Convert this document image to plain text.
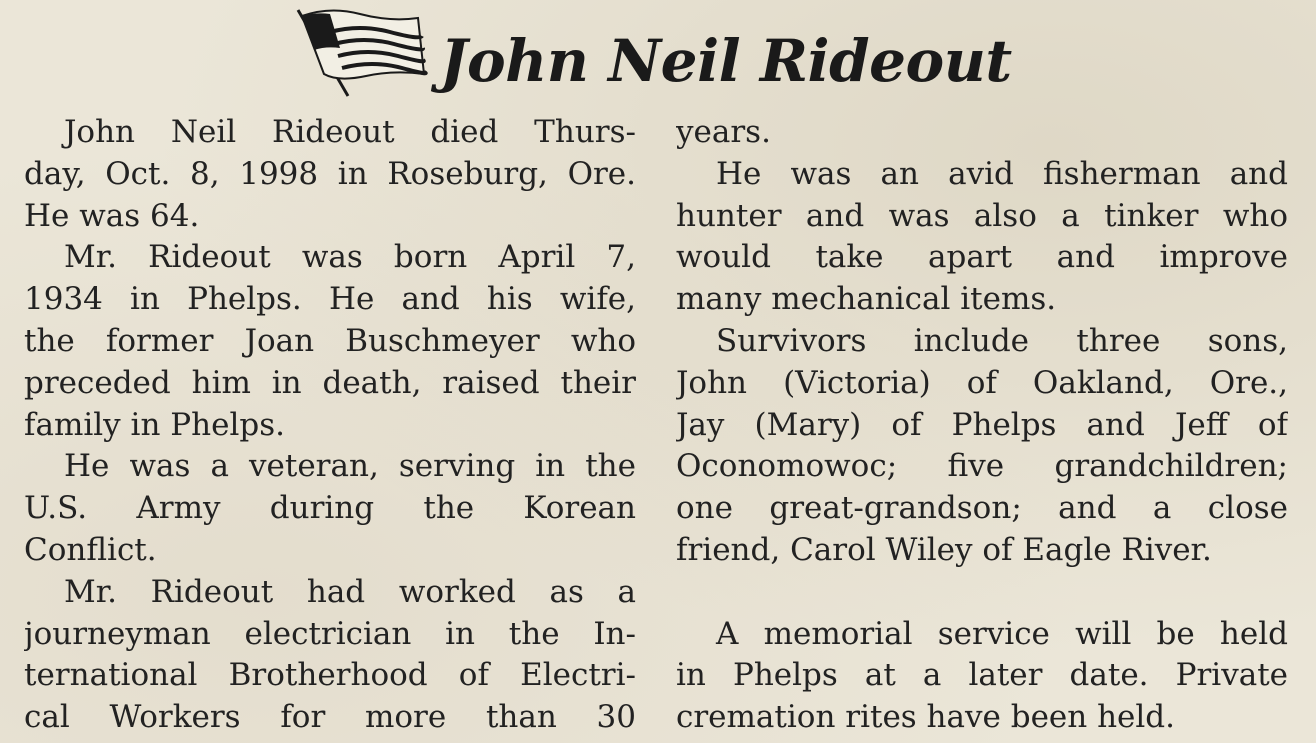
John Neil Rideout
John Neil Rideout died Thurs-
day, Oct. 8, 1998 in Roseburg, Ore.
He was 64.
Mr. Rideout was born April 7,
1934 in Phelps. He and his wife,
the former Joan Buschmeyer who
preceded him in death, raised their
family in Phelps.
He was a veteran, serving in the
U.S. Army during the Korean
Conflict.
Mr. Rideout had worked as a
journeyman electrician in the In-
ternational Brotherhood of Electri-
cal Workers for more than 30
years.
He was an avid fisherman and
hunter and was also a tinker who
would take apart and improve
many mechanical items.
Survivors include three sons,
John (Victoria) of Oakland, Ore.,
Jay (Mary) of Phelps and Jeff of
Oconomowoc; five grandchildren;
one great-grandson; and a close
friend, Carol Wiley of Eagle River.
A memorial service will be held
in Phelps at a later date. Private
cremation rites have been held.
